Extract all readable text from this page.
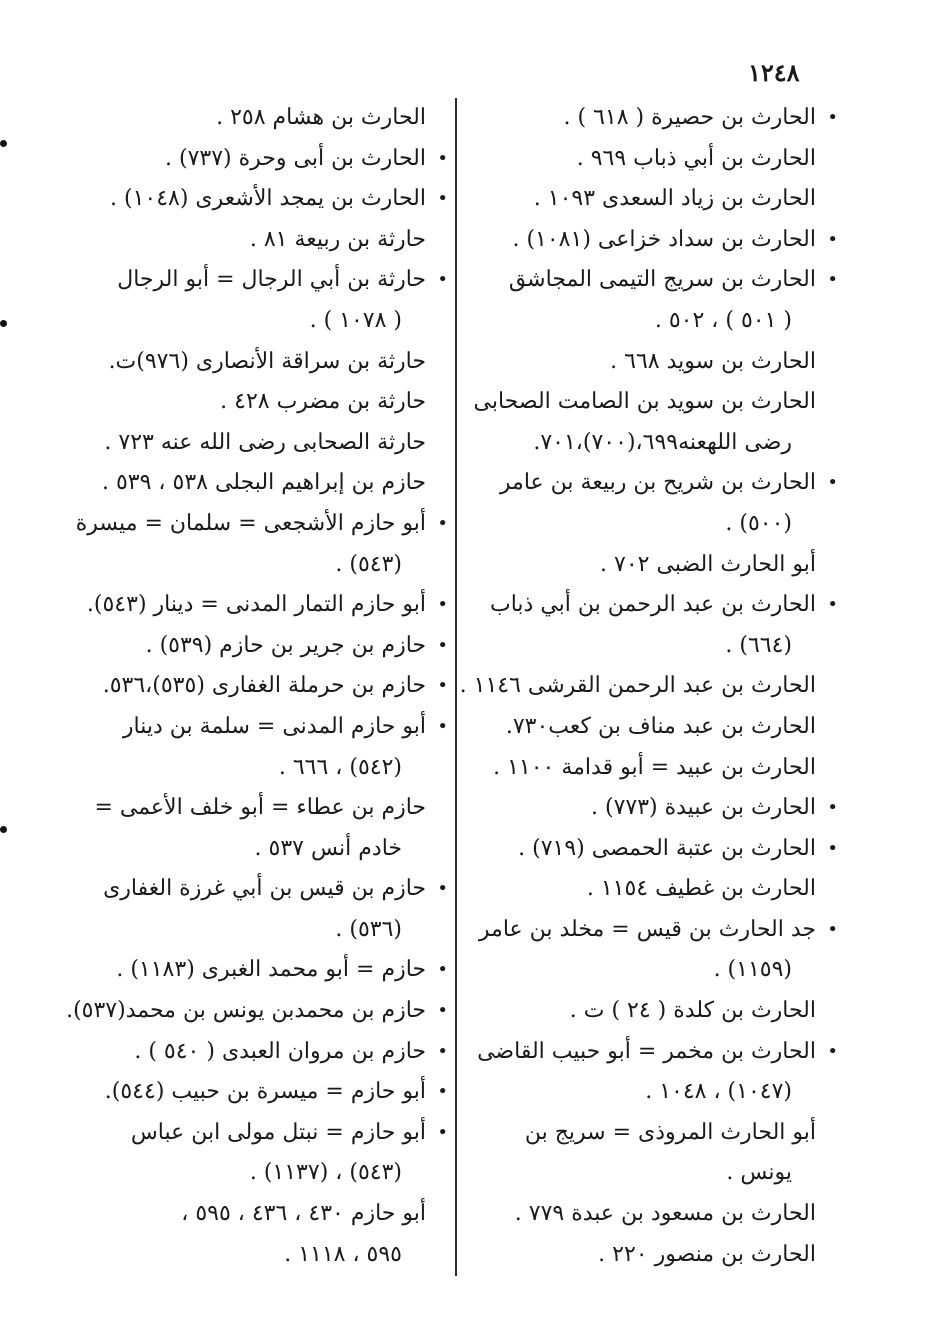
١٢٤٨
•
الحارث بن حصيرة ( ٦١٨ ) .
الحارث بن أبي ذباب ٩٦٩ .
الحارث بن زياد السعدى ١٠٩٣ .
•
الحارث بن سداد خزاعى (١٠٨١) .
•
الحارث بن سريج التيمى المجاشق
( ٥٠١ ) ، ٥٠٢ .
الحارث بن سويد ٦٦٨ .
الحارث بن سويد بن الصامت الصحابى
رضى اللهعنه٦٩٩،(٧٠٠)،٧٠١.
•
الحارث بن شريح بن ربيعة بن عامر
(٥٠٠) .
أبو الحارث الضبى ٧٠٢ .
•
الحارث بن عبد الرحمن بن أبي ذباب
(٦٦٤) .
الحارث بن عبد الرحمن القرشى ١١٤٦ .
الحارث بن عبد مناف بن كعب٧٣٠.
الحارث بن عبيد = أبو قدامة ١١٠٠ .
•
الحارث بن عبيدة (٧٧٣) .
•
الحارث بن عتبة الحمصى (٧١٩) .
الحارث بن غطيف ١١٥٤ .
•
جد الحارث بن قيس = مخلد بن عامر
(١١٥٩) .
الحارث بن كلدة ( ٢٤ ) ت .
•
الحارث بن مخمر = أبو حبيب القاضى
(١٠٤٧) ، ١٠٤٨ .
أبو الحارث المروذى = سريج بن
يونس .
الحارث بن مسعود بن عبدة ٧٧٩ .
الحارث بن منصور ٢٢٠ .
الحارث بن هشام ٢٥٨ .
•
الحارث بن أبى وحرة (٧٣٧) .
•
الحارث بن يمجد الأشعرى (١٠٤٨) .
حارثة بن ربيعة ٨١ .
•
حارثة بن أبي الرجال = أبو الرجال
( ١٠٧٨ ) .
حارثة بن سراقة الأنصارى (٩٧٦)ت.
حارثة بن مضرب ٤٢٨ .
حارثة الصحابى رضى الله عنه ٧٢٣ .
حازم بن إبراهيم البجلى ٥٣٨ ، ٥٣٩ .
•
أبو حازم الأشجعى = سلمان = ميسرة
(٥٤٣) .
•
أبو حازم التمار المدنى = دينار (٥٤٣).
•
حازم بن جرير بن حازم (٥٣٩) .
•
حازم بن حرملة الغفارى (٥٣٥)،٥٣٦.
•
أبو حازم المدنى = سلمة بن دينار
(٥٤٢) ، ٦٦٦ .
حازم بن عطاء = أبو خلف الأعمى =
خادم أنس ٥٣٧ .
•
حازم بن قيس بن أبي غرزة الغفارى
(٥٣٦) .
•
حازم = أبو محمد الغبرى (١١٨٣) .
•
حازم بن محمدبن يونس بن محمد(٥٣٧).
•
حازم بن مروان العبدى ( ٥٤٠ ) .
•
أبو حازم = ميسرة بن حبيب (٥٤٤).
•
أبو حازم = نبتل مولى ابن عباس
(٥٤٣) ، (١١٣٧) .
أبو حازم ٤٣٠ ، ٤٣٦ ، ٥٩٥ ،
٥٩٥ ، ١١١٨ .
